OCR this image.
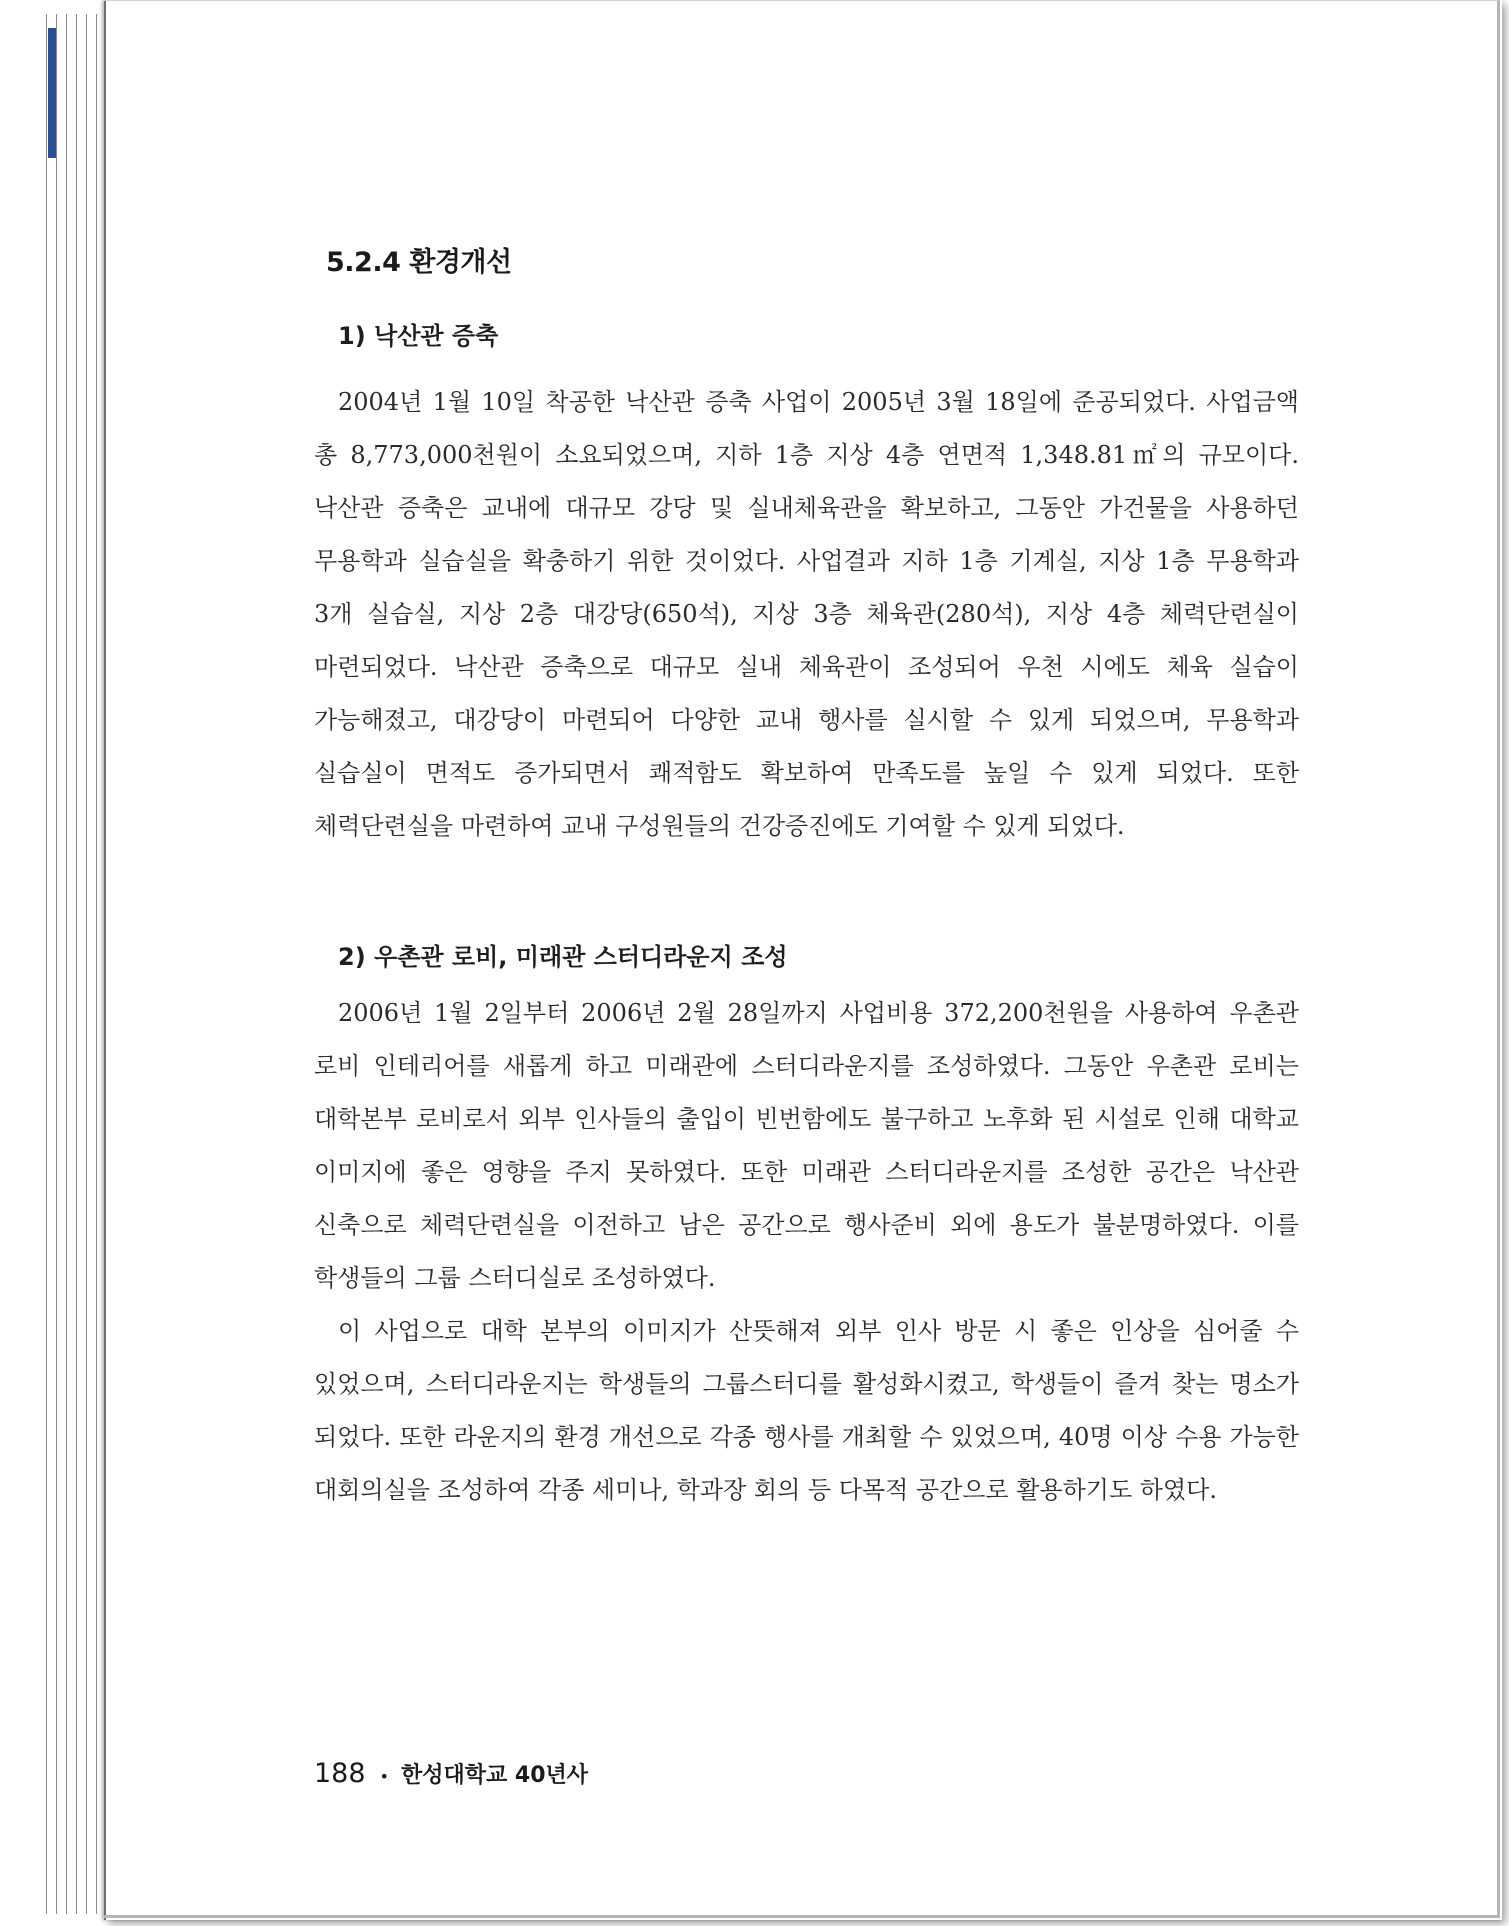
5.2.4 환경개선
1) 낙산관 증축

2004년 1월 10일 착공한 낙산관 증축 사업이 2005년 3월 18일에 준공되었다. 사업금액 총 8,773,000천원이 소요되었으며, 지하 1층 지상 4층 연면적 1,348.81㎡의 규모이다. 낙산관 증축은 교내에 대규모 강당 및 실내체육관을 확보하고, 그동안 가건물을 사용하던 무용학과 실습실을 확충하기 위한 것이었다. 사업결과 지하 1층 기계실, 지상 1층 무용학과 3개 실습실, 지상 2층 대강당(650석), 지상 3층 체육관(280석), 지상 4층 체력단련실이 마련되었다. 낙산관 증축으로 대규모 실내 체육관이 조성되어 우천 시에도 체육 실습이 가능해졌고, 대강당이 마련되어 다양한 교내 행사를 실시할 수 있게 되었으며, 무용학과 실습실이 면적도 증가되면서 쾌적함도 확보하여 만족도를 높일 수 있게 되었다. 또한 체력단련실을 마련하여 교내 구성원들의 건강증진에도 기여할 수 있게 되었다.

2) 우촌관 로비, 미래관 스터디라운지 조성

2006년 1월 2일부터 2006년 2월 28일까지 사업비용 372,200천원을 사용하여 우촌관 로비 인테리어를 새롭게 하고 미래관에 스터디라운지를 조성하였다. 그동안 우촌관 로비는 대학본부 로비로서 외부 인사들의 출입이 빈번함에도 불구하고 노후화 된 시설로 인해 대학교 이미지에 좋은 영향을 주지 못하였다. 또한 미래관 스터디라운지를 조성한 공간은 낙산관 신축으로 체력단련실을 이전하고 남은 공간으로 행사준비 외에 용도가 불분명하였다. 이를 학생들의 그룹 스터디실로 조성하였다.

이 사업으로 대학 본부의 이미지가 산뜻해져 외부 인사 방문 시 좋은 인상을 심어줄 수 있었으며, 스터디라운지는 학생들의 그룹스터디를 활성화시켰고, 학생들이 즐겨 찾는 명소가 되었다. 또한 라운지의 환경 개선으로 각종 행사를 개최할 수 있었으며, 40명 이상 수용 가능한 대회의실을 조성하여 각종 세미나, 학과장 회의 등 다목적 공간으로 활용하기도 하였다.

188 • 한성대학교 40년사
